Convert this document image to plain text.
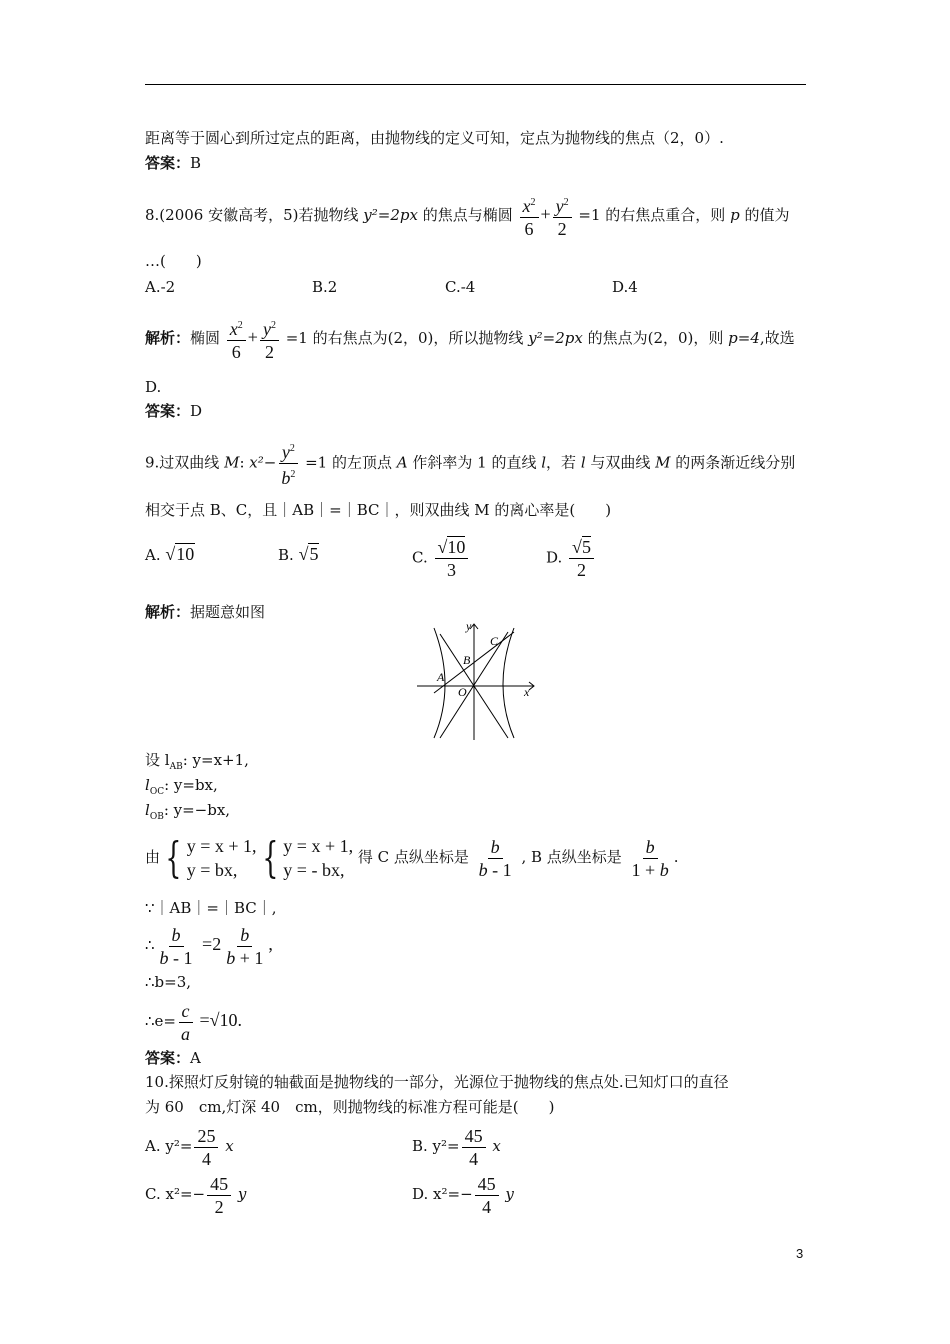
距离等于圆心到所过定点的距离，由抛物线的定义可知，定点为抛物线的焦点（2，0）.
答案：B
8.(2006 安徽高考，5)若抛物线 y²=2px 的焦点与椭圆 $\frac{x^2}{6} + \frac{y^2}{2} =1$ 的右焦点重合，则 p 的值为
…(　　)
A.-2	B.2	C.-4	D.4
解析：椭圆 $\frac{x^2}{6} + \frac{y^2}{2} =1$ 的右焦点为(2，0)，所以抛物线 y²=2px 的焦点为(2，0)，则 p=4,故选
D.
答案：D
9.过双曲线 M: $x^2- \frac{y^2}{b^2} =1$ 的左顶点 A 作斜率为 1 的直线 l，若 l 与双曲线 M 的两条渐近线分别
相交于点 B、C，且｜AB｜=｜BC｜，则双曲线 M 的离心率是(　　)
A. √10	B. √5	C. $\frac{√10}{3}$	D. $\frac{√5}{2}$
解析：据题意如图
y
x
O
A
B
C
设 $l_{AB}$: y=x+1,
$l_{OC}$: y=bx,
$l_{OB}$: y=−bx,
由 { y = x + 1,
y = bx, { y = x + 1,
y = - bx,
得 C 点纵坐标是 $\frac{b}{b - 1}$ , B 点纵坐标是 $\frac{b}{1 + b}$ .
∵｜AB｜=｜BC｜,
∴ $\frac{b}{b - 1} =2 \frac{b}{b + 1}$ ,
∴b=3,
∴e= $\frac{c}{a} =√10$.
答案：A
10.探照灯反射镜的轴截面是抛物线的一部分，光源位于抛物线的焦点处.已知灯口的直径
为 60　cm,灯深 40　cm，则抛物线的标准方程可能是(　　)
A. $y^2= \frac{25}{4}$ x	B. $y^2= \frac{45}{4}$ x
C. $x^2=- \frac{45}{2}$ y	D. $x^2=- \frac{45}{4}$ y
3
